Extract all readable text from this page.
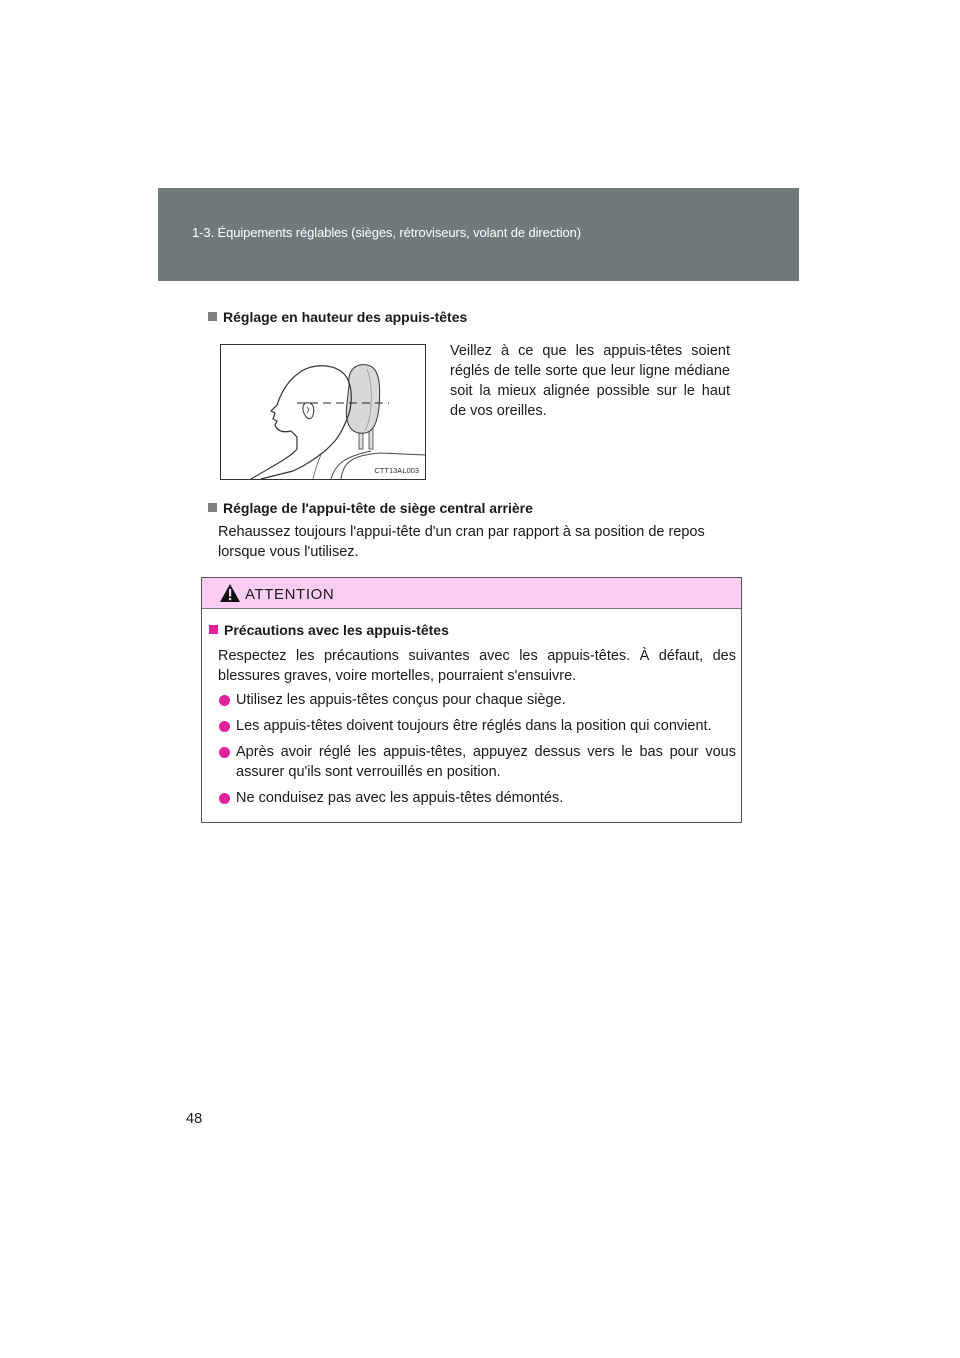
1-3. Équipements réglables (sièges, rétroviseurs, volant de direction)
Réglage en hauteur des appuis-têtes
CTT13AL003
Veillez à ce que les appuis-têtes soient réglés de telle sorte que leur ligne médiane soit la mieux alignée possible sur le haut de vos oreilles.
Réglage de l'appui-tête de siège central arrière
Rehaussez toujours l'appui-tête d'un cran par rapport à sa position de repos lorsque vous l'utilisez.
ATTENTION
Précautions avec les appuis-têtes
Respectez les précautions suivantes avec les appuis-têtes. À défaut, des blessures graves, voire mortelles, pourraient s'ensuivre.
Utilisez les appuis-têtes conçus pour chaque siège.
Les appuis-têtes doivent toujours être réglés dans la position qui convient.
Après avoir réglé les appuis-têtes, appuyez dessus vers le bas pour vous assurer qu'ils sont verrouillés en position.
Ne conduisez pas avec les appuis-têtes démontés.
48
